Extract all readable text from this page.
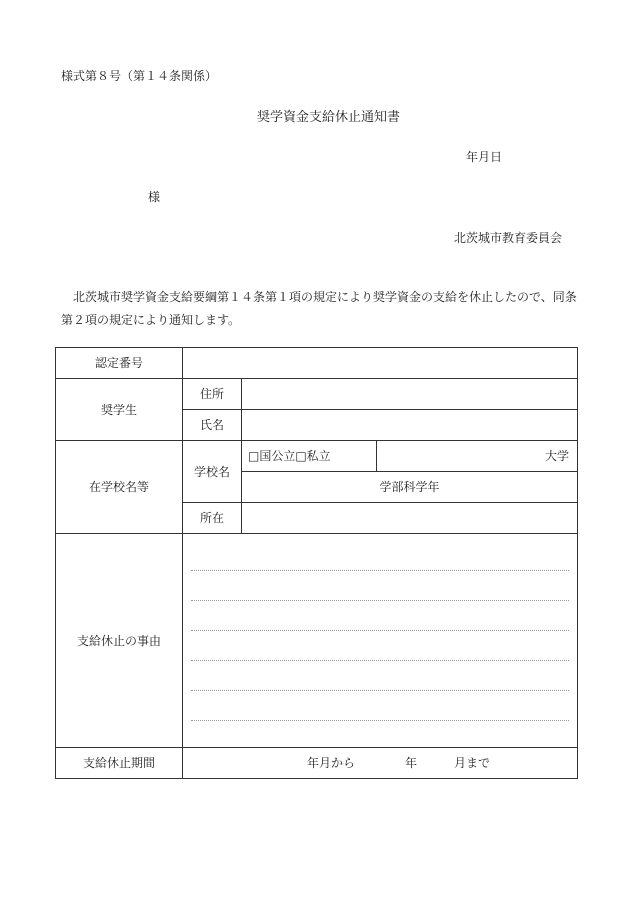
様式第８号（第１４条関係）
奨学資金支給休止通知書
年月日
様
北茨城市教育委員会
北茨城市奨学資金支給要綱第１４条第１項の規定により奨学資金の支給を休止したので、同条
第２項の規定により通知します。
認定番号			
奨学生	住所		
	氏名		
在学校名等	学校名	□国公立□私立	大学
		学部科学年	
	所在		
支給休止の事由			

支給休止期間	年月から 年 月まで		
